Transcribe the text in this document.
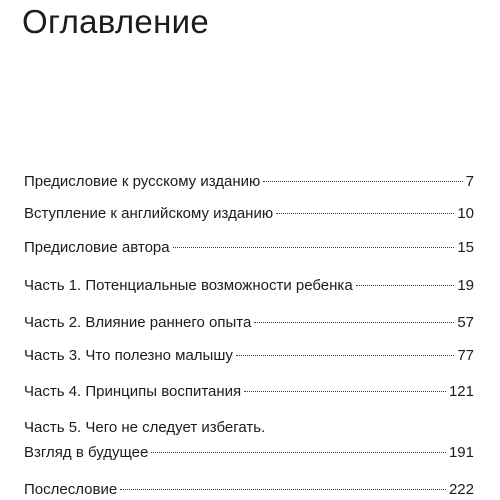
Оглавление
Предисловие к русскому изданию	7
Вступление к английскому изданию	10
Предисловие автора	15
Часть 1. Потенциальные возможности ребенка	19
Часть 2. Влияние раннего опыта	57
Часть 3. Что полезно малышу	77
Часть 4. Принципы воспитания	121
Часть 5. Чего не следует избегать.
Взгляд в будущее	191
Послесловие	222
